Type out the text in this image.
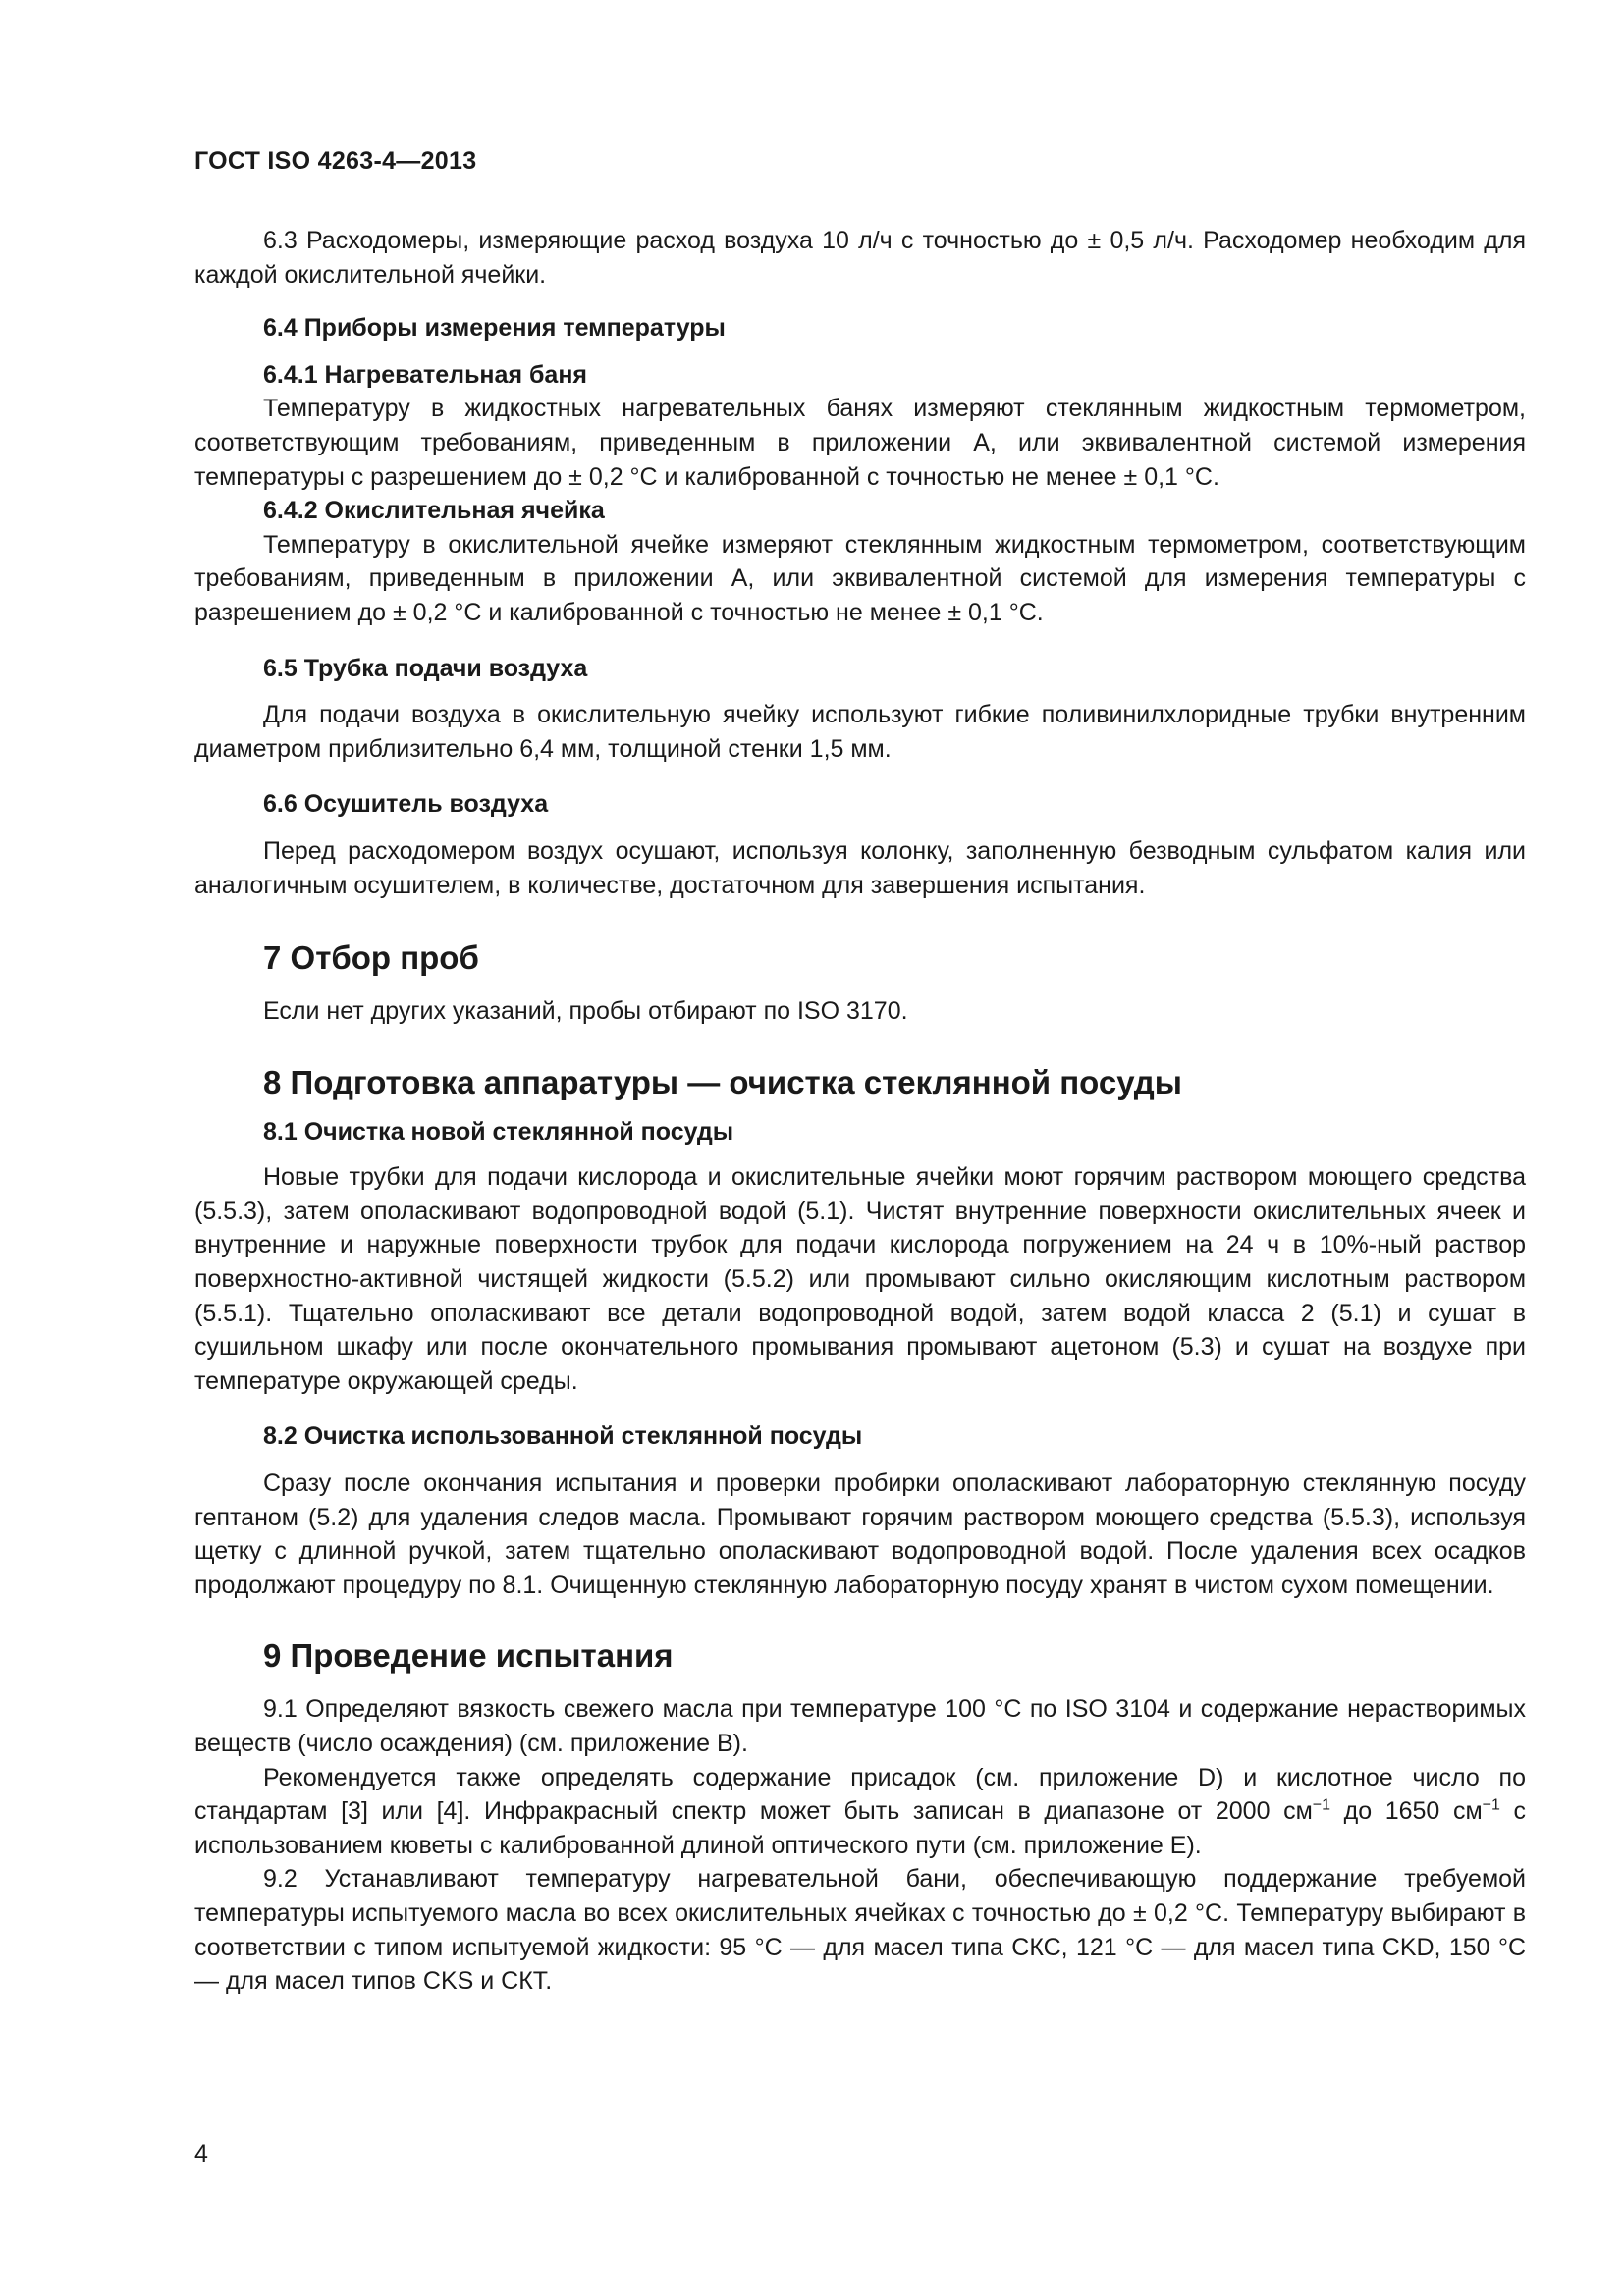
ГОСТ ISO 4263-4—2013

6.3 Расходомеры, измеряющие расход воздуха 10 л/ч с точностью до ± 0,5 л/ч. Расходомер необходим для каждой окислительной ячейки.

6.4 Приборы измерения температуры
6.4.1 Нагревательная баня

Температуру в жидкостных нагревательных банях измеряют стеклянным жидкостным термометром, соответствующим требованиям, приведенным в приложении А, или эквивалентной системой измерения температуры с разрешением до ± 0,2 °С и калиброванной с точностью не менее ± 0,1 °С.

6.4.2 Окислительная ячейка

Температуру в окислительной ячейке измеряют стеклянным жидкостным термометром, соответствующим требованиям, приведенным в приложении А, или эквивалентной системой для измерения температуры с разрешением до ± 0,2 °С и калиброванной с точностью не менее ± 0,1 °С.

6.5 Трубка подачи воздуха

Для подачи воздуха в окислительную ячейку используют гибкие поливинилхлоридные трубки внутренним диаметром приблизительно 6,4 мм, толщиной стенки 1,5 мм.

6.6 Осушитель воздуха

Перед расходомером воздух осушают, используя колонку, заполненную безводным сульфатом калия или аналогичным осушителем, в количестве, достаточном для завершения испытания.

7 Отбор проб

Если нет других указаний, пробы отбирают по ISO 3170.

8 Подготовка аппаратуры — очистка стеклянной посуды
8.1 Очистка новой стеклянной посуды

Новые трубки для подачи кислорода и окислительные ячейки моют горячим раствором моющего средства (5.5.3), затем ополаскивают водопроводной водой (5.1). Чистят внутренние поверхности окислительных ячеек и внутренние и наружные поверхности трубок для подачи кислорода погружением на 24 ч в 10%-ный раствор поверхностно-активной чистящей жидкости (5.5.2) или промывают сильно окисляющим кислотным раствором (5.5.1). Тщательно ополаскивают все детали водопроводной водой, затем водой класса 2 (5.1) и сушат в сушильном шкафу или после окончательного промывания промывают ацетоном (5.3) и сушат на воздухе при температуре окружающей среды.

8.2 Очистка использованной стеклянной посуды

Сразу после окончания испытания и проверки пробирки ополаскивают лабораторную стеклянную посуду гептаном (5.2) для удаления следов масла. Промывают горячим раствором моющего средства (5.5.3), используя щетку с длинной ручкой, затем тщательно ополаскивают водопроводной водой. После удаления всех осадков продолжают процедуру по 8.1. Очищенную стеклянную лабораторную посуду хранят в чистом сухом помещении.

9 Проведение испытания

9.1 Определяют вязкость свежего масла при температуре 100 °С по ISO 3104 и содержание нерастворимых веществ (число осаждения) (см. приложение В).

Рекомендуется также определять содержание присадок (см. приложение D) и кислотное число по стандартам [3] или [4]. Инфракрасный спектр может быть записан в диапазоне от 2000 $см^{-1}$ до 1650 $см^{-1}$ с использованием кюветы с калиброванной длиной оптического пути (см. приложение Е).

9.2 Устанавливают температуру нагревательной бани, обеспечивающую поддержание требуемой температуры испытуемого масла во всех окислительных ячейках с точностью до ± 0,2 °С. Температуру выбирают в соответствии с типом испытуемой жидкости: 95 °С — для масел типа СКС, 121 °С — для масел типа CKD, 150 °С — для масел типов CKS и СКТ.

4
